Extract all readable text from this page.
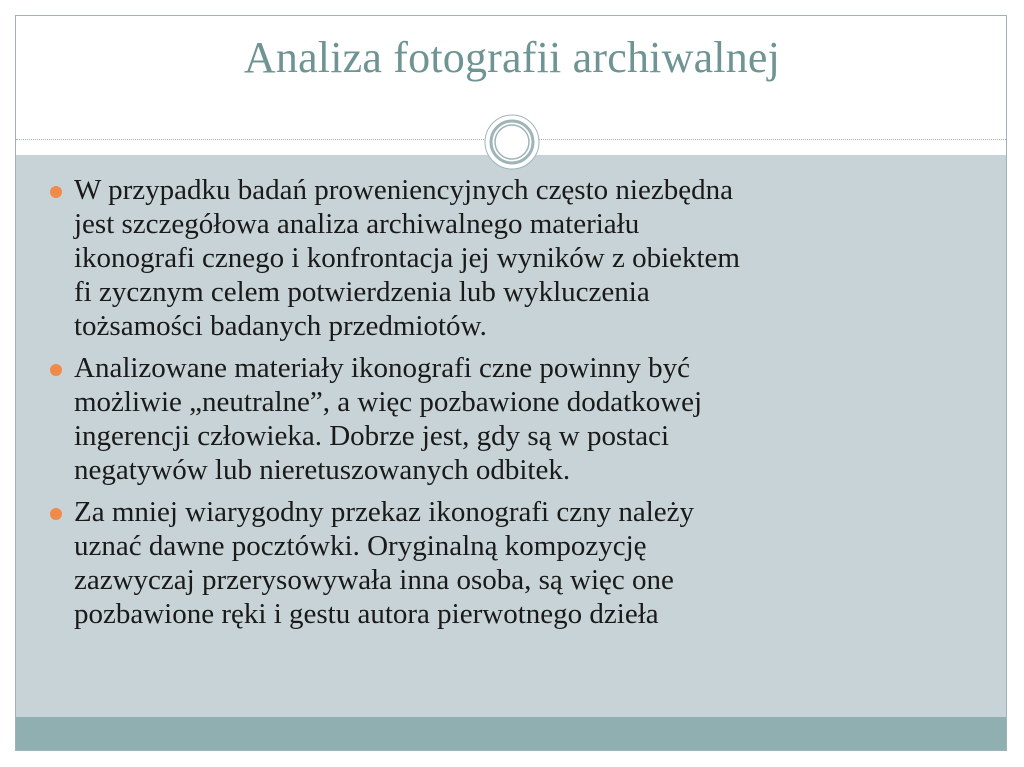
Analiza fotografii archiwalnej
W przypadku badań proweniencyjnych często niezbędna
jest szczegółowa analiza archiwalnego materiału
ikonografi cznego i konfrontacja jej wyników z obiektem
fi zycznym celem potwierdzenia lub wykluczenia
tożsamości badanych przedmiotów.
Analizowane materiały ikonografi czne powinny być
możliwie „neutralne”, a więc pozbawione dodatkowej
ingerencji człowieka. Dobrze jest, gdy są w postaci
negatywów lub nieretuszowanych odbitek.
Za mniej wiarygodny przekaz ikonografi czny należy
uznać dawne pocztówki. Oryginalną kompozycję
zazwyczaj przerysowywała inna osoba, są więc one
pozbawione ręki i gestu autora pierwotnego dzieła
